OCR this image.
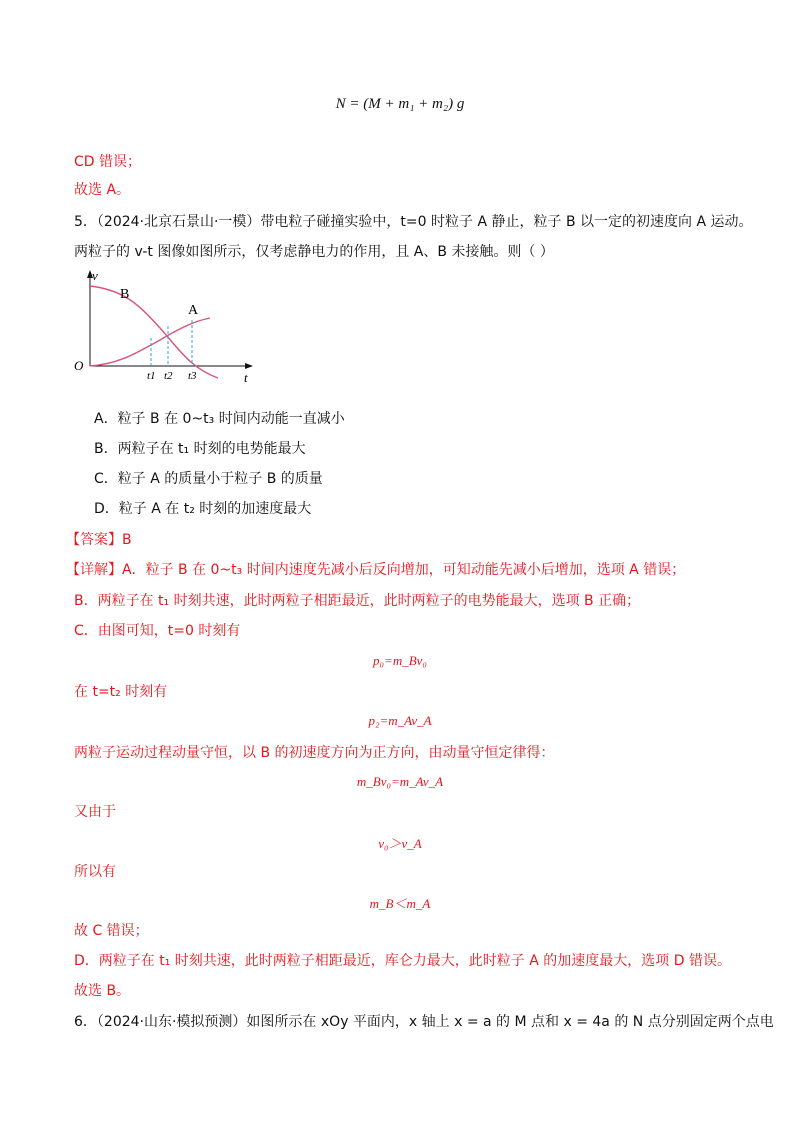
N = (M + m₁ + m₂) g
CD 错误；
故选 A。
5．（2024·北京石景山·一模）带电粒子碰撞实验中，t=0 时粒子 A 静止，粒子 B 以一定的初速度向 A 运动。
两粒子的 v-t 图像如图所示，仅考虑静电力的作用，且 A、B 未接触。则（ ）
v
t
O
B
A
t1 t2 t3
A．粒子 B 在 0~t₃ 时间内动能一直减小
B．两粒子在 t₁ 时刻的电势能最大
C．粒子 A 的质量小于粒子 B 的质量
D．粒子 A 在 t₂ 时刻的加速度最大
【答案】B
【详解】A．粒子 B 在 0~t₃ 时间内速度先减小后反向增加，可知动能先减小后增加，选项 A 错误；
B．两粒子在 t₁ 时刻共速，此时两粒子相距最近，此时两粒子的电势能最大，选项 B 正确；
C．由图可知，t=0 时刻有
p₀=m_Bv₀
在 t=t₂ 时刻有
p₂=m_Av_A
两粒子运动过程动量守恒，以 B 的初速度方向为正方向，由动量守恒定律得：
m_Bv₀=m_Av_A
又由于
v₀＞v_A
所以有
m_B＜m_A
故 C 错误；
D．两粒子在 t₁ 时刻共速，此时两粒子相距最近，库仑力最大，此时粒子 A 的加速度最大，选项 D 错误。
故选 B。
6．（2024·山东·模拟预测）如图所示在 xOy 平面内，x 轴上 x = a 的 M 点和 x = 4a 的 N 点分别固定两个点电
